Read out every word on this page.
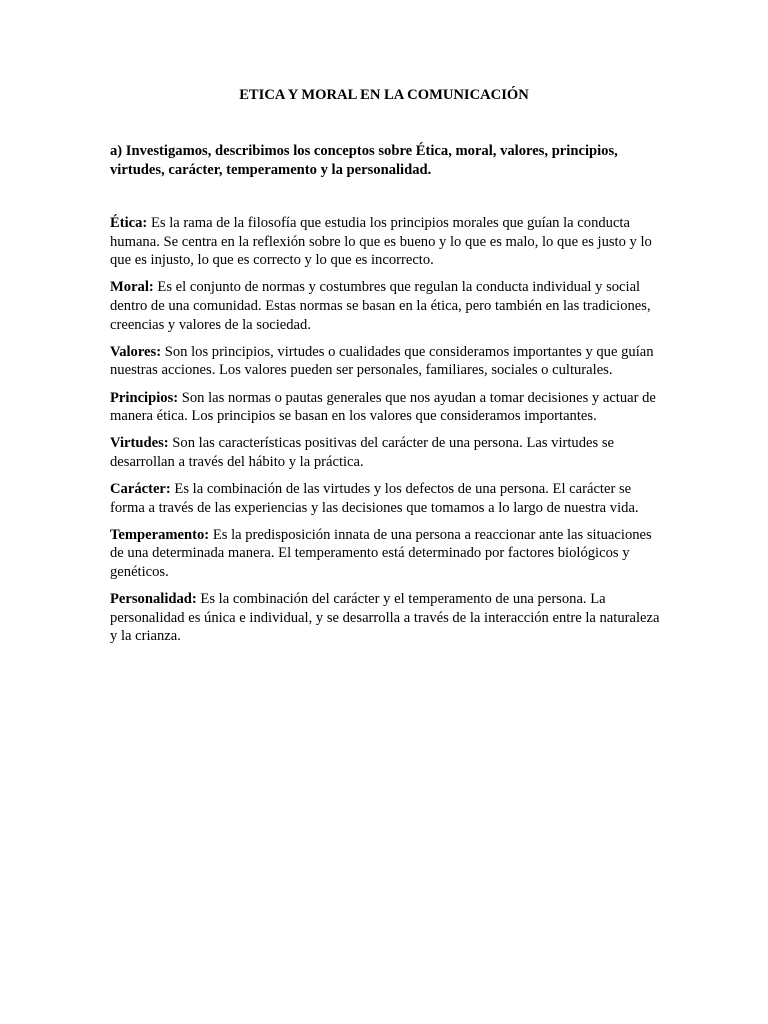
ETICA Y MORAL EN LA COMUNICACIÓN

a) Investigamos, describimos los conceptos sobre Ética, moral, valores, principios, virtudes, carácter, temperamento y la personalidad.

Ética: Es la rama de la filosofía que estudia los principios morales que guían la conducta humana. Se centra en la reflexión sobre lo que es bueno y lo que es malo, lo que es justo y lo que es injusto, lo que es correcto y lo que es incorrecto.
Moral: Es el conjunto de normas y costumbres que regulan la conducta individual y social dentro de una comunidad. Estas normas se basan en la ética, pero también en las tradiciones, creencias y valores de la sociedad.
Valores: Son los principios, virtudes o cualidades que consideramos importantes y que guían nuestras acciones. Los valores pueden ser personales, familiares, sociales o culturales.
Principios: Son las normas o pautas generales que nos ayudan a tomar decisiones y actuar de manera ética. Los principios se basan en los valores que consideramos importantes.
Virtudes: Son las características positivas del carácter de una persona. Las virtudes se desarrollan a través del hábito y la práctica.
Carácter: Es la combinación de las virtudes y los defectos de una persona. El carácter se forma a través de las experiencias y las decisiones que tomamos a lo largo de nuestra vida.
Temperamento: Es la predisposición innata de una persona a reaccionar ante las situaciones de una determinada manera. El temperamento está determinado por factores biológicos y genéticos.
Personalidad: Es la combinación del carácter y el temperamento de una persona. La personalidad es única e individual, y se desarrolla a través de la interacción entre la naturaleza y la crianza.
